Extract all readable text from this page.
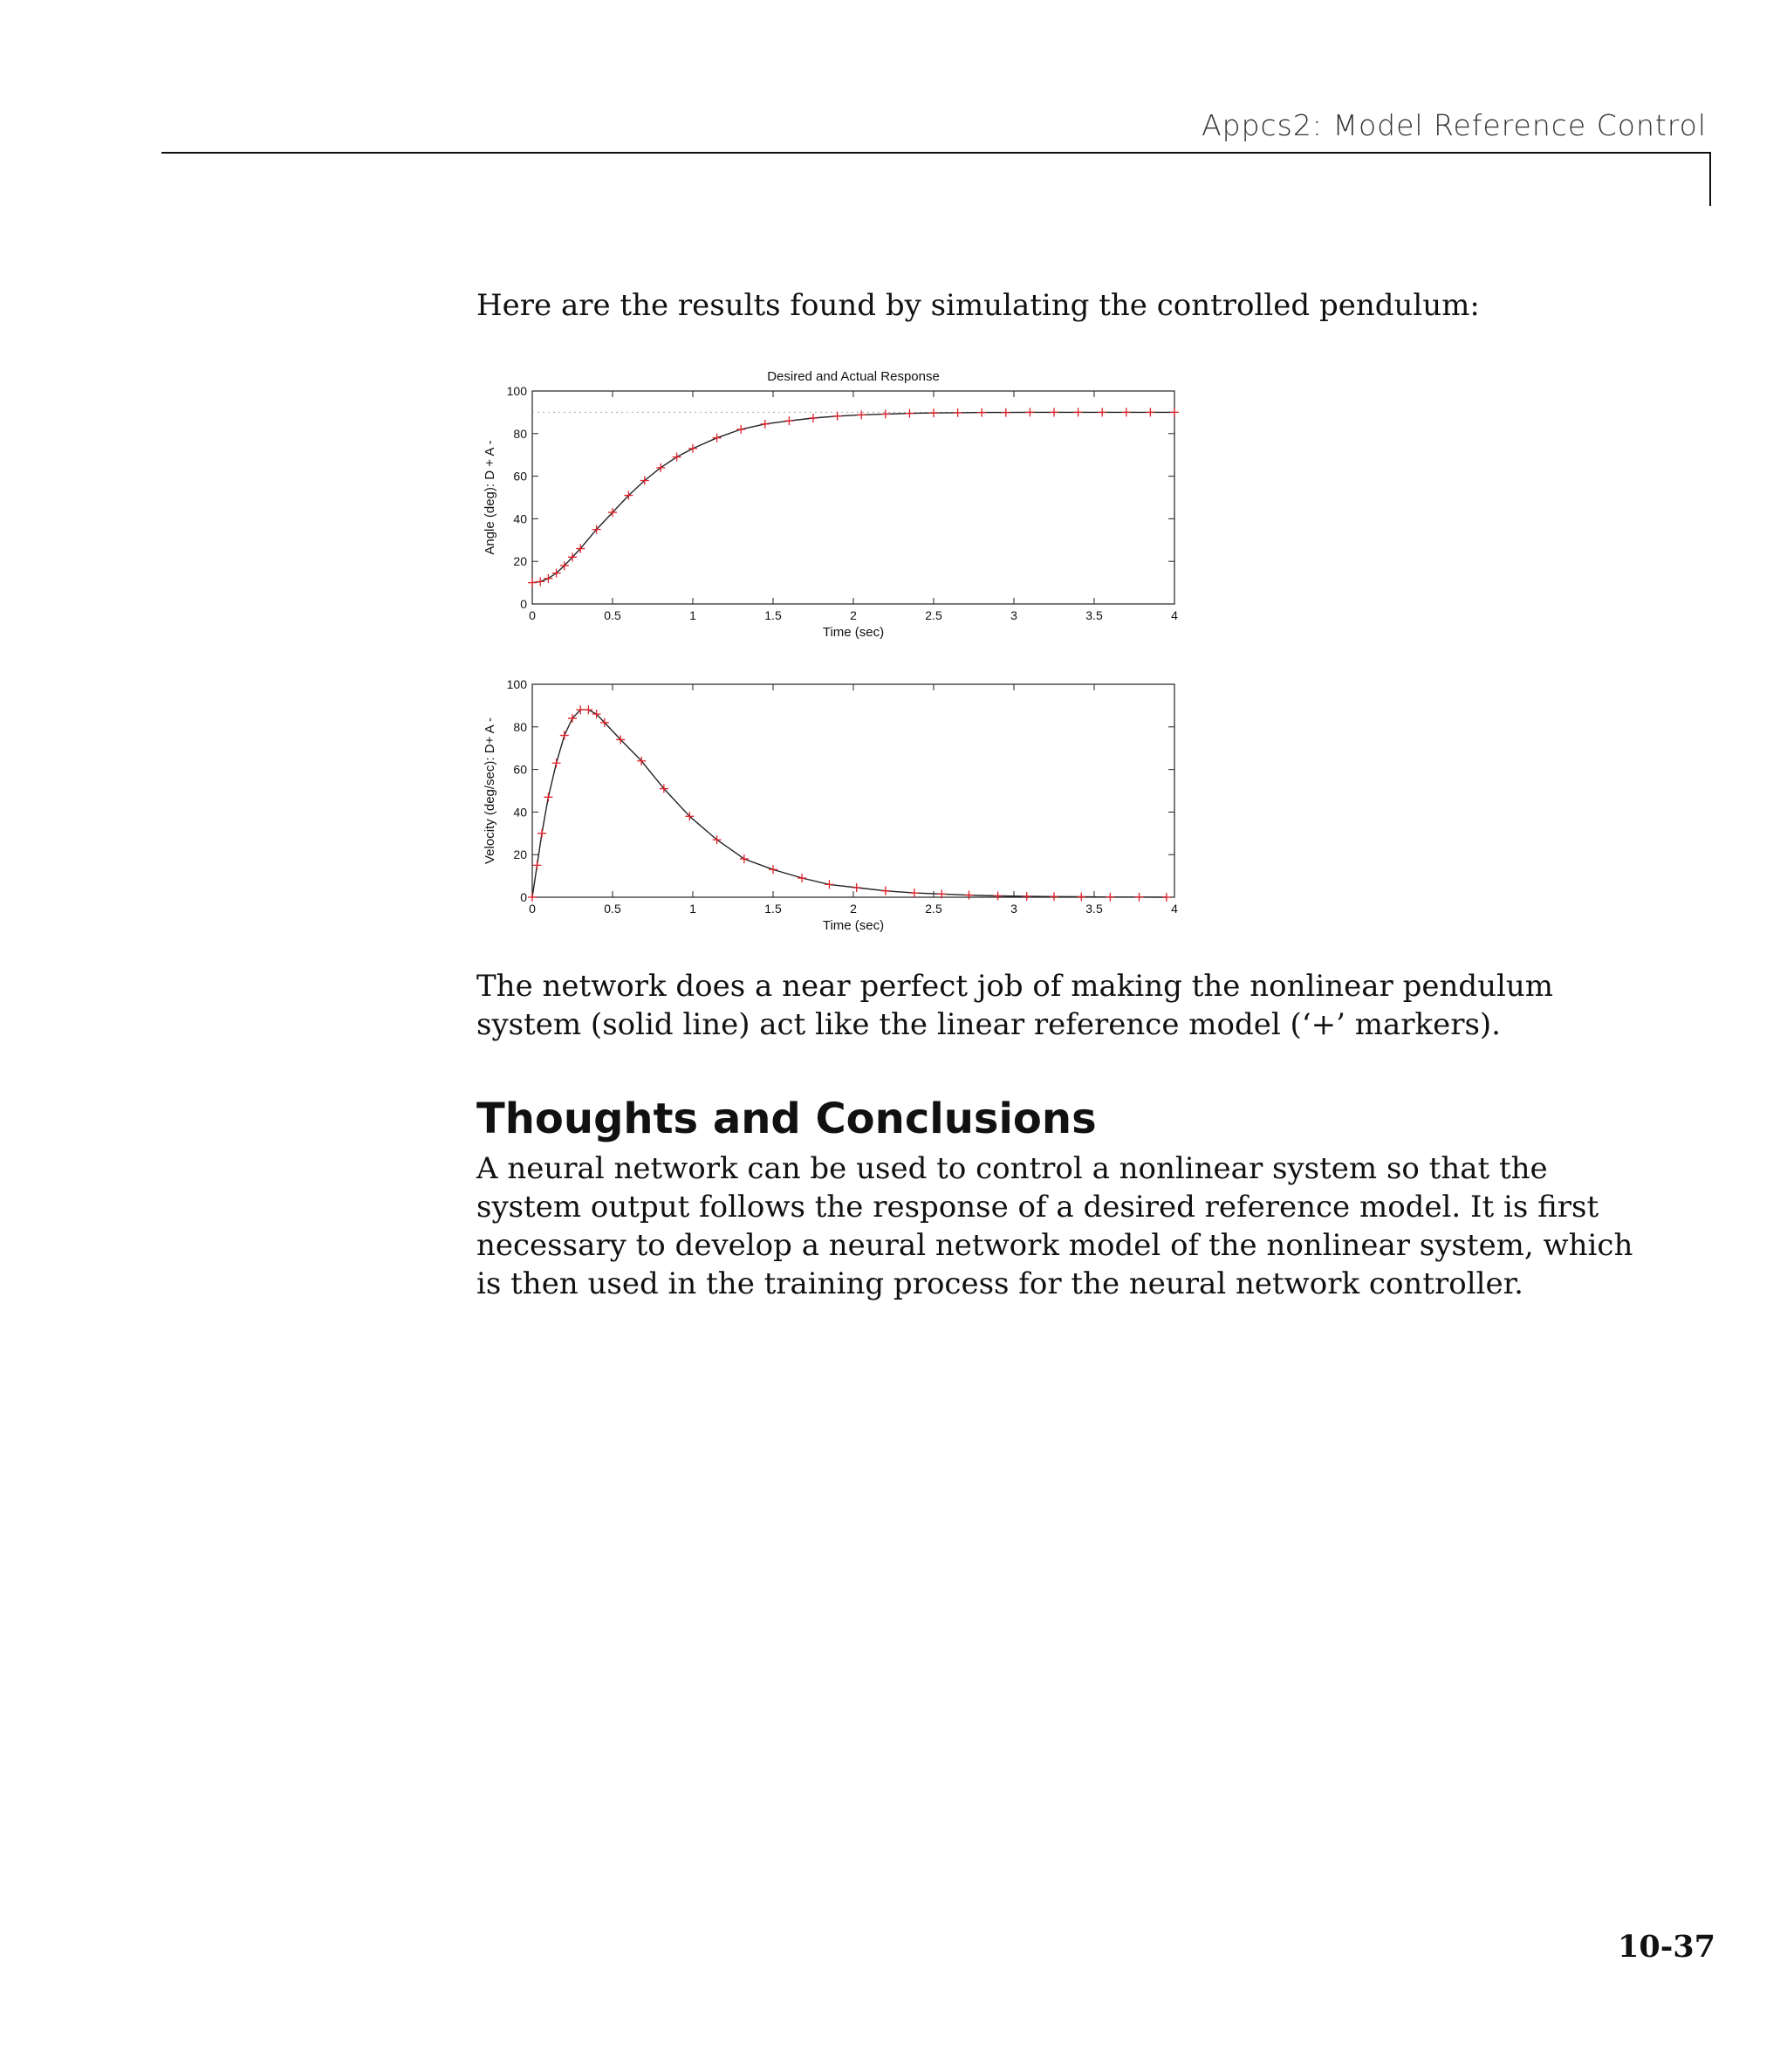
Appcs2: Model Reference Control

Here are the results found by simulating the controlled pendulum:

0	0.5	1	1.5	2	2.5	3	3.5	4
0
20
40
60
80
100
Desired and Actual Response
Time (sec)
Angle (deg): D + A -
0	0.5	1	1.5	2	2.5	3	3.5	4
0
20
40
60
80
100
Time (sec)
Velocity (deg/sec): D+ A -

The network does a near perfect job of making the nonlinear pendulum system (solid line) act like the linear reference model (‘+’ markers).

Thoughts and Conclusions

A neural network can be used to control a nonlinear system so that the system output follows the response of a desired reference model. It is first necessary to develop a neural network model of the nonlinear system, which is then used in the training process for the neural network controller.

10-37
